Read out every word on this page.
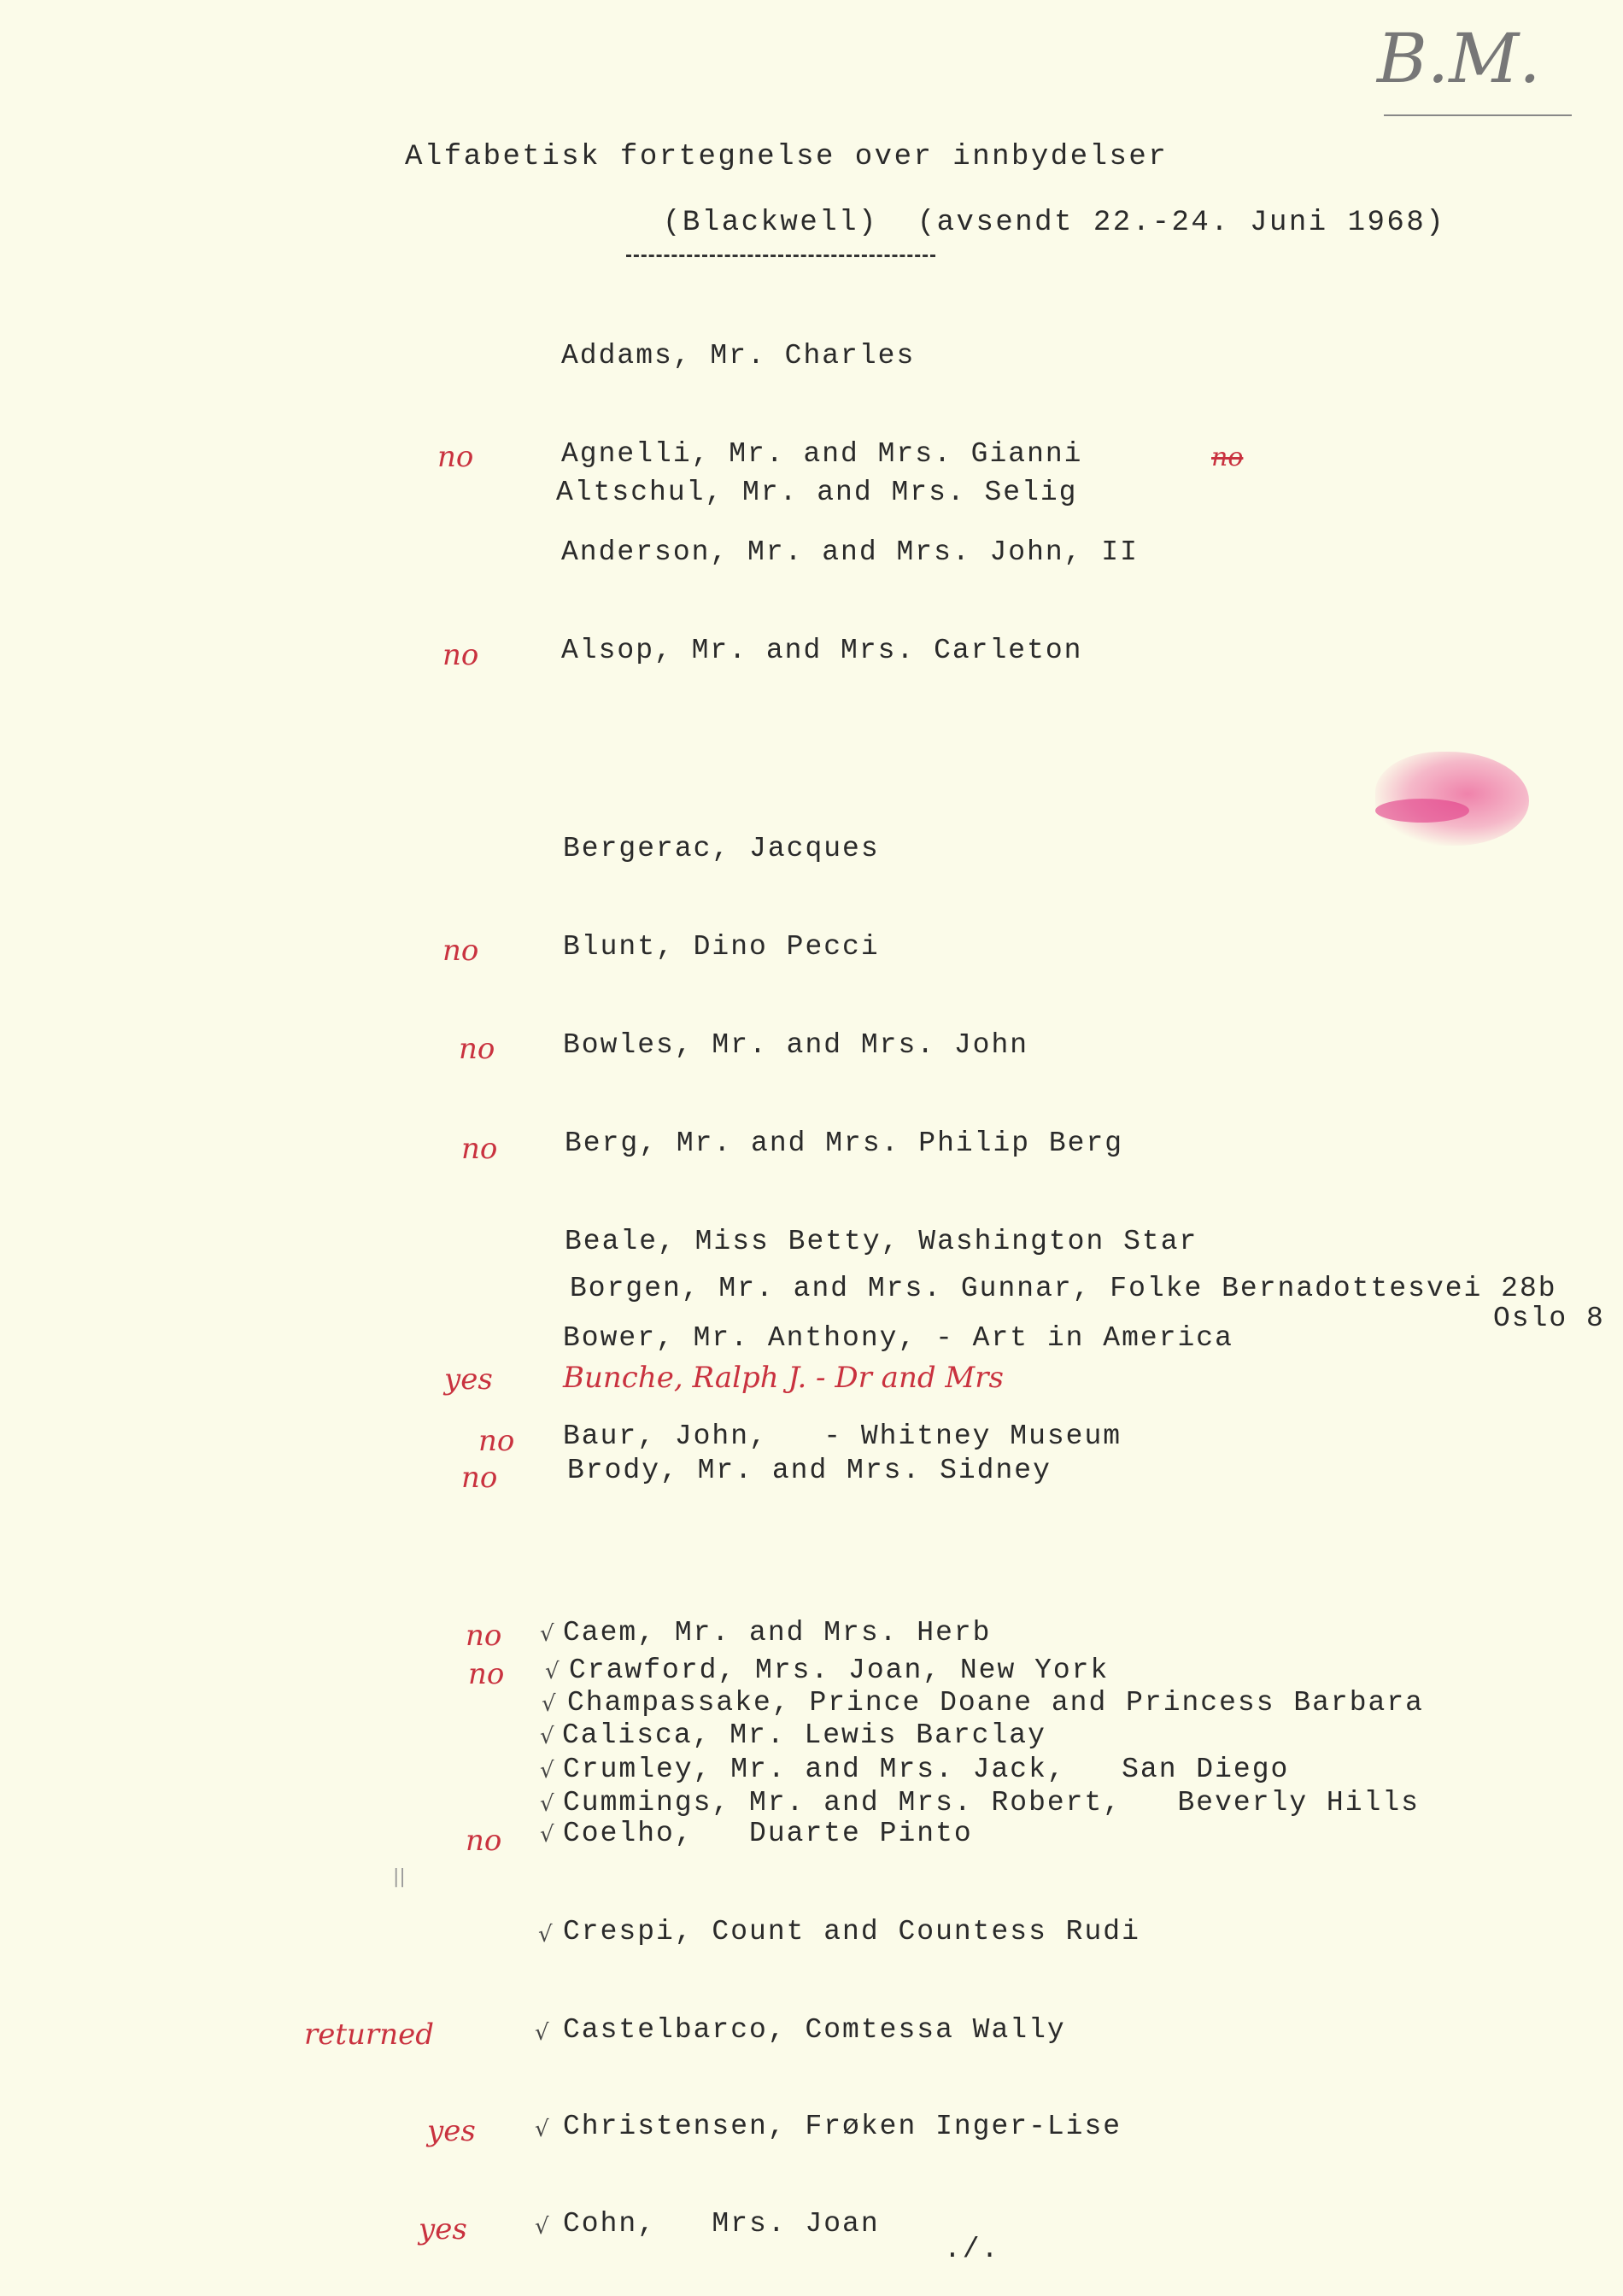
B.M.
Alfabetisk fortegnelse over innbydelser
(Blackwell)  (avsendt 22.-24. Juni 1968)
Addams, Mr. Charles
no	Agnelli, Mr. and Mrs. Gianni	no
Altschul, Mr. and Mrs. Selig
Anderson, Mr. and Mrs. John, II
no	Alsop, Mr. and Mrs. Carleton
Bergerac, Jacques
no	Blunt, Dino Pecci
no Bowles, Mr. and Mrs. John
no Berg, Mr. and Mrs. Philip Berg
Beale, Miss Betty, Washington Star
Borgen, Mr. and Mrs. Gunnar, Folke Bernadottesvei 28b
Oslo 8
Bower, Mr. Anthony, - Art in America
yes Bunche, Ralph J. - Dr and Mrs
no Baur, John,   - Whitney Museum
no Brody, Mr. and Mrs. Sidney
no √ Caem, Mr. and Mrs. Herb
no √ Crawford, Mrs. Joan, New York
√ Champassake, Prince Doane and Princess Barbara
√ Calisca, Mr. Lewis Barclay
√ Crumley, Mr. and Mrs. Jack,   San Diego
√ Cummings, Mr. and Mrs. Robert,   Beverly Hills
no √ Coelho,   Duarte Pinto
||
√ Crespi, Count and Countess Rudi
returned	√ Castelbarco, Comtessa Wally
yes	√ Christensen, Frøken Inger-Lise
yes	√ Cohn,   Mrs. Joan
./.
